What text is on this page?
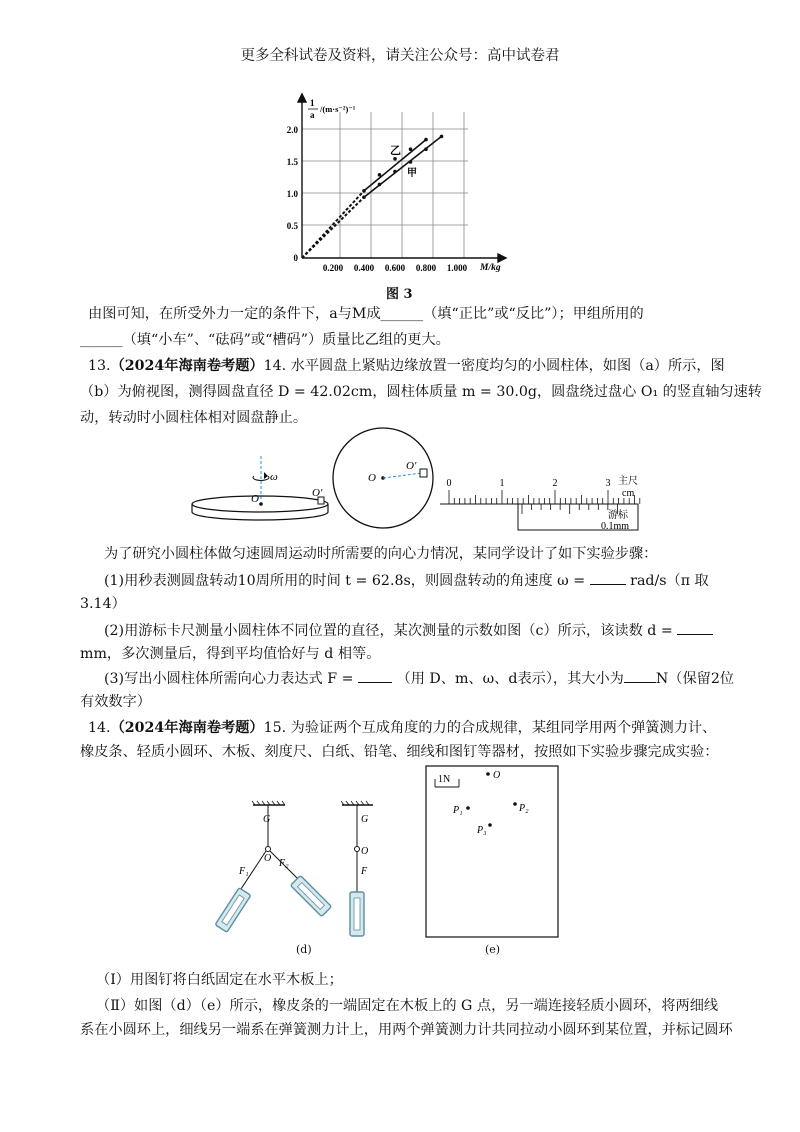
更多全科试卷及资料，请关注公众号：高中试卷君
1
a
/(m·s⁻²)⁻¹
2.0
1.5
1.0
0.5
0
0.200 0.400 0.600 0.800 1.000 M/kg
乙
甲
图 3
由图可知，在所受外力一定的条件下，a与M成______（填“正比”或“反比”）；甲组所用的
______（填“小车”、“砝码”或“槽码”）质量比乙组的更大。
13.（2024年海南卷考题）14. 水平圆盘上紧贴边缘放置一密度均匀的小圆柱体，如图（a）所示，图
（b）为俯视图，测得圆盘直径 D = 42.02cm，圆柱体质量 m = 30.0g，圆盘绕过盘心 O₁ 的竖直轴匀速转
动，转动时小圆柱体相对圆盘静止。
ω
O	O'
O
O'
0	1	2	3 主尺
cm
游标
0.1mm
为了研究小圆柱体做匀速圆周运动时所需要的向心力情况，某同学设计了如下实验步骤：
(1)用秒表测圆盘转动10周所用的时间 t = 62.8s，则圆盘转动的角速度 ω =	rad/s（π 取
3.14）
(2)用游标卡尺测量小圆柱体不同位置的直径，某次测量的示数如图（c）所示，该读数 d =
mm，多次测量后，得到平均值恰好与 d 相等。
(3)写出小圆柱体所需向心力表达式 F =	（用 D、m、ω、d表示），其大小为 N（保留2位
有效数字）
14.（2024年海南卷考题）15. 为验证两个互成角度的力的合成规律，某组同学用两个弹簧测力计、
橡皮条、轻质小圆环、木板、刻度尺、白纸、铅笔、细线和图钉等器材，按照如下实验步骤完成实验：
G
O
F₁
F₂
G
O
F
(d)
1N	O
P₁	P₂
P₃
(e)
（Ⅰ）用图钉将白纸固定在水平木板上；
（Ⅱ）如图（d）（e）所示，橡皮条的一端固定在木板上的 G 点，另一端连接轻质小圆环，将两细线
系在小圆环上，细线另一端系在弹簧测力计上，用两个弹簧测力计共同拉动小圆环到某位置，并标记圆环
